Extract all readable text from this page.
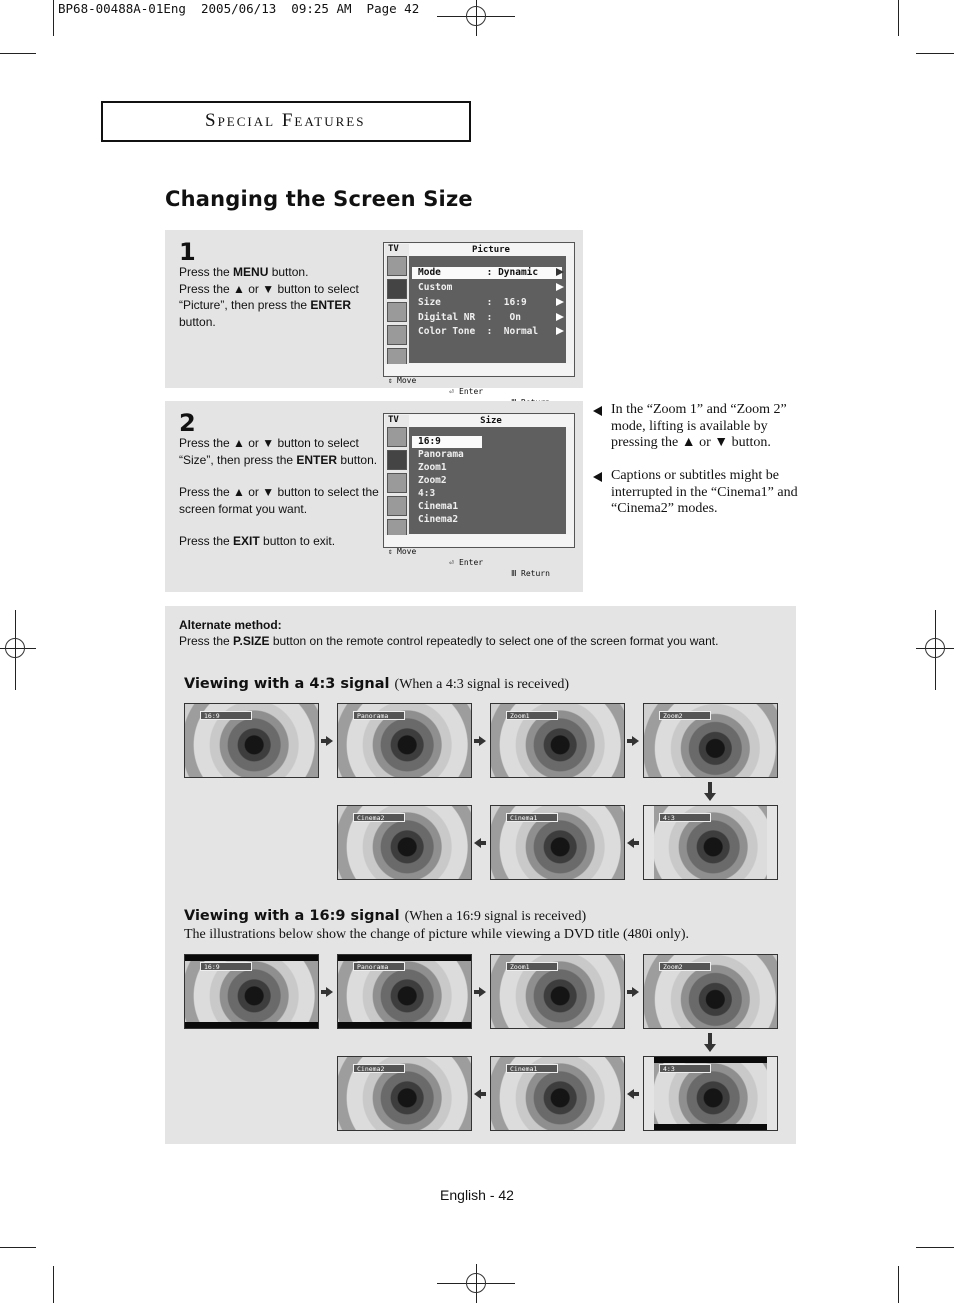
BP68-00488A-01Eng  2005/06/13  09:25 AM  Page 42
Special Features
Changing the Screen Size
1
Press the MENU button.
Press the ▲ or ▼ button to select “Picture”, then press the ENTER button.
TV	Picture
Mode        : Dynamic
Custom
Size        :  16:9
Digital NR  :   On
Color Tone  :  Normal

⇕ Move

⏎ Enter

2

Press the ▲ or ▼ button to select “Size”, then press the ENTER button.

Press the ▲ or ▼ button to select the screen format you want.

Press the EXIT button to exit.

TV	Size
16:9
Panorama
Zoom1
Zoom2
4:3
Cinema1
Cinema2

⇕ Move

⏎ Enter

Ⅲ Return

In the “Zoom 1” and “Zoom 2” mode, lifting is available by pressing the ▲ or ▼ button.
Captions or subtitles might be interrupted in the “Cinema1” and “Cinema2” modes.
Alternate method:
Press the P.SIZE button on the remote control repeatedly to select one of the screen format you want.
Viewing with a 4:3 signal (When a 4:3 signal is received)
Viewing with a 16:9 signal (When a 16:9 signal is received)
The illustrations below show the change of picture while viewing a DVD title (480i only).
16:9	Panorama	Zoom1	Zoom2
Cinema2	Cinema1	4:3
16:9	Panorama	Zoom1	Zoom2
Cinema2	Cinema1	4:3
English - 42
